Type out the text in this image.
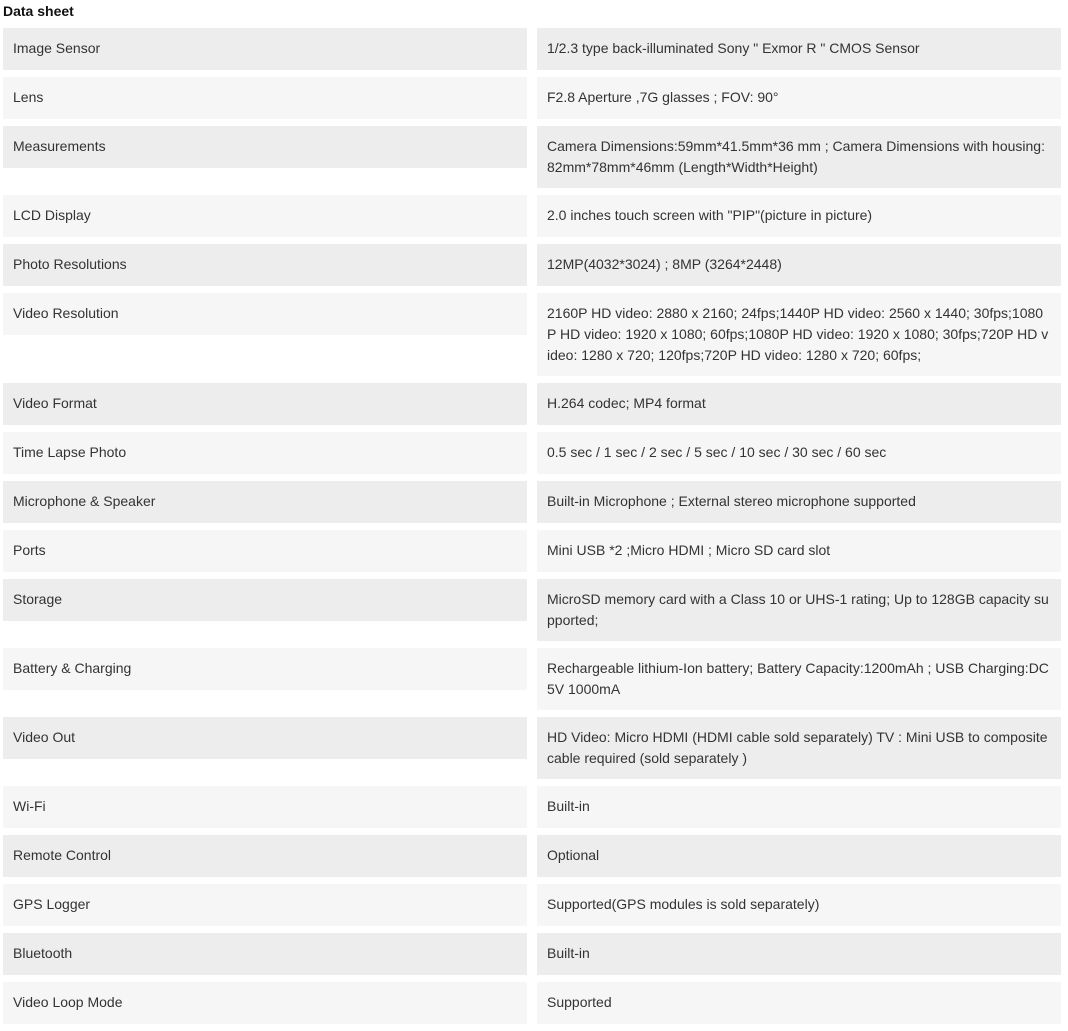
Data sheet
Image Sensor	1/2.3 type back-illuminated Sony " Exmor R " CMOS Sensor
Lens	F2.8 Aperture ,7G glasses ; FOV: 90°
Measurements	Camera Dimensions:59mm*41.5mm*36 mm ; Camera Dimensions with housing:82mm*78mm*46mm (Length*Width*Height)
LCD Display	2.0 inches touch screen with "PIP"(picture in picture)
Photo Resolutions	12MP(4032*3024) ; 8MP (3264*2448)
Video Resolution	2160P HD video: 2880 x 2160; 24fps;1440P HD video: 2560 x 1440; 30fps;1080P HD video: 1920 x 1080; 60fps;1080P HD video: 1920 x 1080; 30fps;720P HD video: 1280 x 720; 120fps;720P HD video: 1280 x 720; 60fps;
Video Format	H.264 codec; MP4 format
Time Lapse Photo	0.5 sec / 1 sec / 2 sec / 5 sec / 10 sec / 30 sec / 60 sec
Microphone & Speaker	Built-in Microphone ; External stereo microphone supported
Ports	Mini USB *2 ;Micro HDMI ; Micro SD card slot
Storage	MicroSD memory card with a Class 10 or UHS-1 rating; Up to 128GB capacity supported;
Battery & Charging	Rechargeable lithium-Ion battery; Battery Capacity:1200mAh ; USB Charging:DC 5V 1000mA
Video Out	HD Video: Micro HDMI (HDMI cable sold separately) TV : Mini USB to composite cable required (sold separately )
Wi-Fi	Built-in
Remote Control	Optional
GPS Logger	Supported(GPS modules is sold separately)
Bluetooth	Built-in
Video Loop Mode	Supported
